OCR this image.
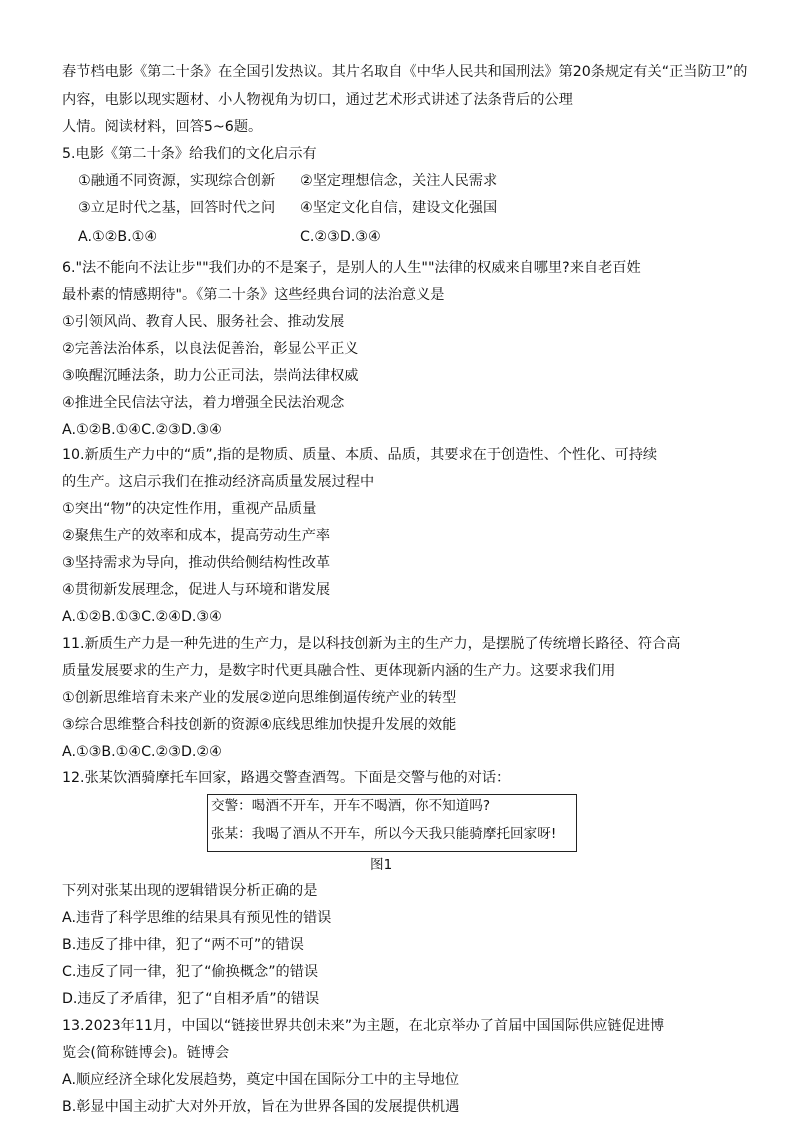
春节档电影《第二十条》在全国引发热议。其片名取自《中华人民共和国刑法》第20条规定有关“正当防卫”的
内容，电影以现实题材、小人物视角为切口，通过艺术形式讲述了法条背后的公理
人情。阅读材料，回答5~6题。
5.电影《第二十条》给我们的文化启示有
①融通不同资源，实现综合创新 ②坚定理想信念，关注人民需求
③立足时代之基，回答时代之问 ④坚定文化自信，建设文化强国
A.①②B.①④	C.②③D.③④
6."法不能向不法让步""我们办的不是案子，是别人的人生""法律的权威来自哪里?来自老百姓
最朴素的情感期待"。《第二十条》这些经典台词的法治意义是
①引领风尚、教育人民、服务社会、推动发展
②完善法治体系，以良法促善治，彰显公平正义
③唤醒沉睡法条，助力公正司法，崇尚法律权威
④推进全民信法守法，着力增强全民法治观念
A.①②B.①④C.②③D.③④
10.新质生产力中的“质”,指的是物质、质量、本质、品质，其要求在于创造性、个性化、可持续
的生产。这启示我们在推动经济高质量发展过程中
①突出“物”的决定性作用，重视产品质量
②聚焦生产的效率和成本，提高劳动生产率
③坚持需求为导向，推动供给侧结构性改革
④贯彻新发展理念，促进人与环境和谐发展
A.①②B.①③C.②④D.③④
11.新质生产力是一种先进的生产力，是以科技创新为主的生产力，是摆脱了传统增长路径、符合高
质量发展要求的生产力，是数字时代更具融合性、更体现新内涵的生产力。这要求我们用
①创新思维培育未来产业的发展②逆向思维倒逼传统产业的转型
③综合思维整合科技创新的资源④底线思维加快提升发展的效能
A.①③B.①④C.②③D.②④
12.张某饮酒骑摩托车回家，路遇交警查酒驾。下面是交警与他的对话：
交警：喝酒不开车，开车不喝酒，你不知道吗?
张某：我喝了酒从不开车，所以今天我只能骑摩托回家呀!
图1
下列对张某出现的逻辑错误分析正确的是
A.违背了科学思维的结果具有预见性的错误
B.违反了排中律，犯了“两不可”的错误
C.违反了同一律，犯了“偷换概念”的错误
D.违反了矛盾律，犯了“自相矛盾”的错误
13.2023年11月，中国以“链接世界共创未来”为主题，在北京举办了首届中国国际供应链促进博
览会(简称链博会)。链博会
A.顺应经济全球化发展趋势，奠定中国在国际分工中的主导地位
B.彰显中国主动扩大对外开放，旨在为世界各国的发展提供机遇
